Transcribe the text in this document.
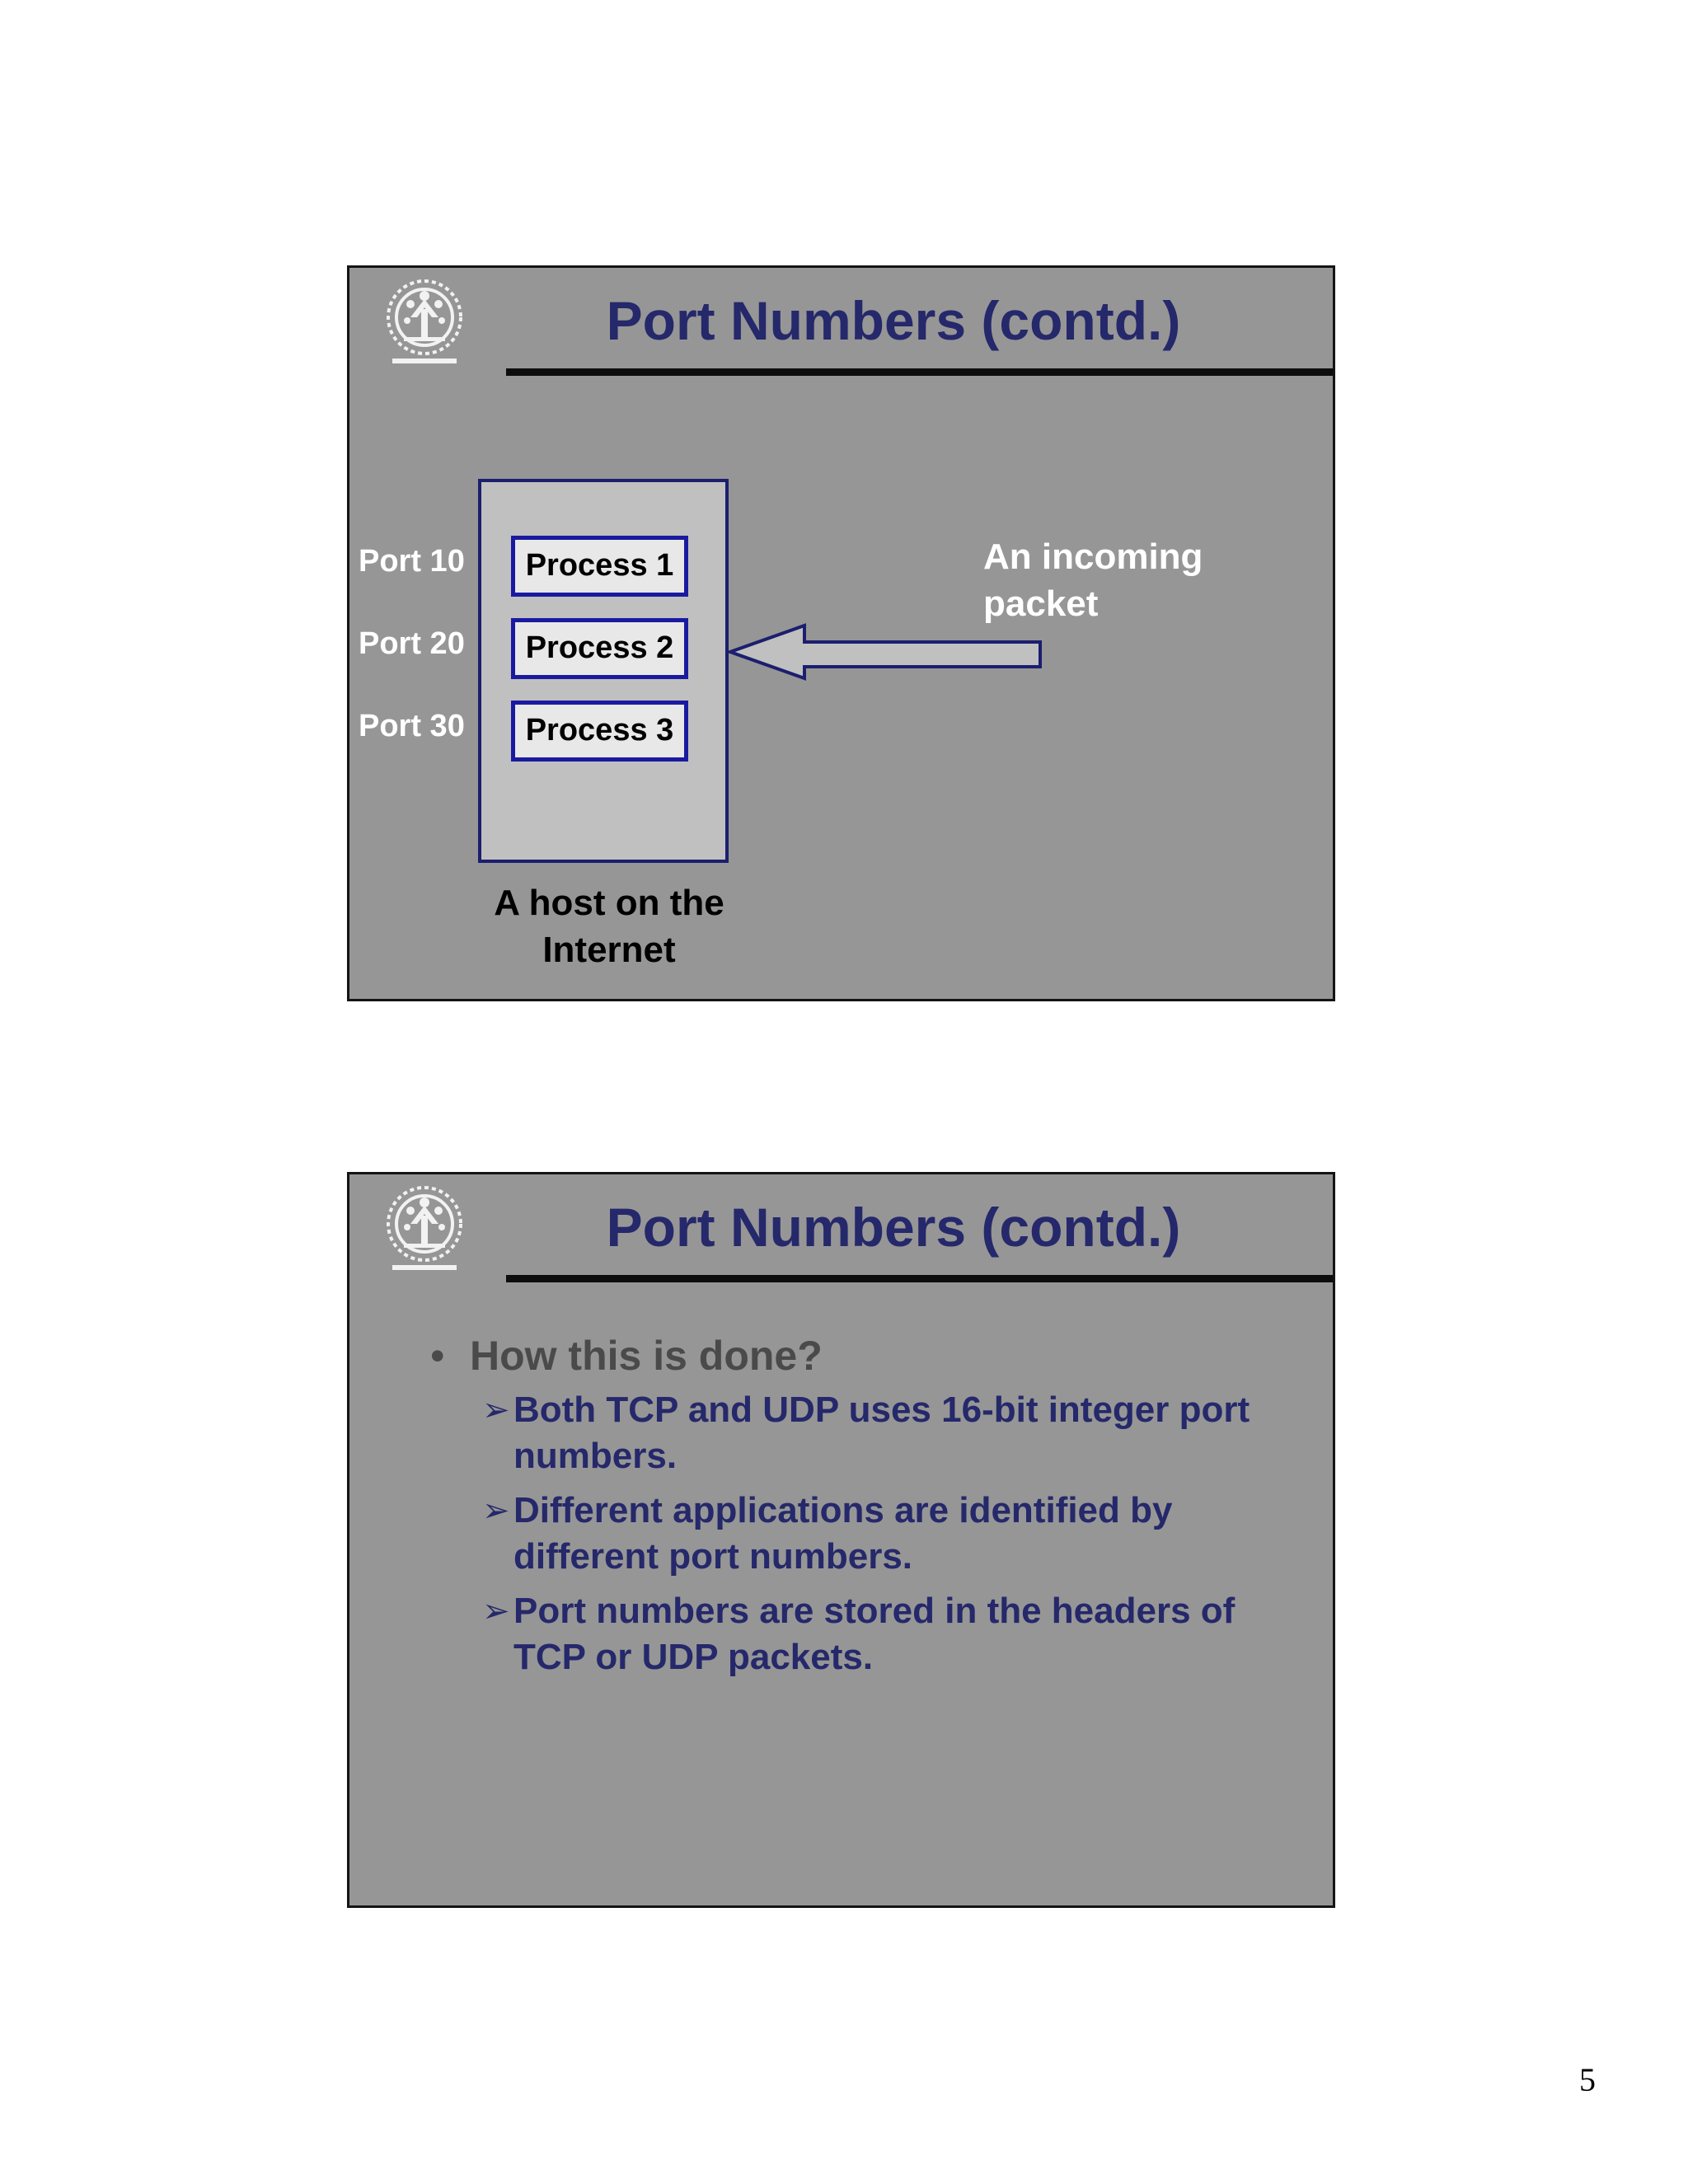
Port Numbers (contd.)
Port 10
Port 20
Port 30
Process 1
Process 2
Process 3
An incoming
packet
A host on the
Internet
Port Numbers (contd.)
• How this is done?
➢ Both TCP and UDP uses 16-bit integer port numbers.
➢ Different applications are identified by different port numbers.
➢ Port numbers are stored in the headers of TCP or UDP packets.
5
